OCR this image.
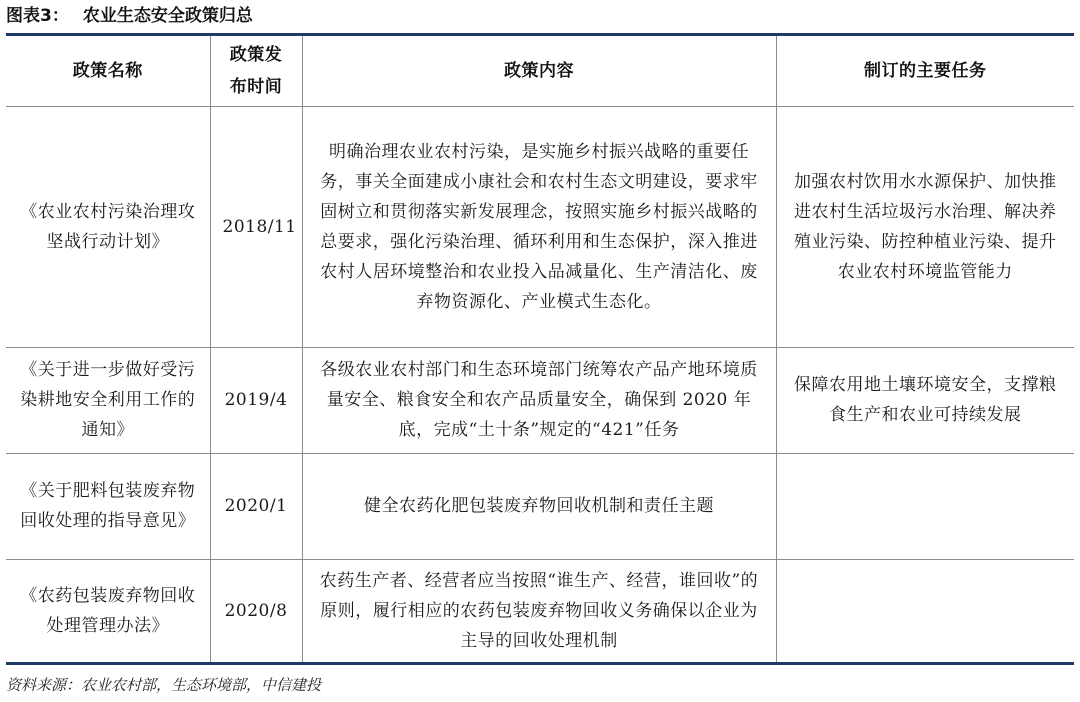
图表3： 农业生态安全政策归总
政策名称	政策发布时间	政策内容	制订的主要任务
《农业农村污染治理攻坚战行动计划》	2018/11	明确治理农业农村污染，是实施乡村振兴战略的重要任务，事关全面建成小康社会和农村生态文明建设，要求牢固树立和贯彻落实新发展理念，按照实施乡村振兴战略的总要求，强化污染治理、循环利用和生态保护，深入推进农村人居环境整治和农业投入品减量化、生产清洁化、废弃物资源化、产业模式生态化。	加强农村饮用水水源保护、加快推进农村生活垃圾污水治理、解决养殖业污染、防控种植业污染、提升农业农村环境监管能力
《关于进一步做好受污染耕地安全利用工作的通知》	2019/4	各级农业农村部门和生态环境部门统筹农产品产地环境质量安全、粮食安全和农产品质量安全，确保到 2020 年底，完成“土十条”规定的“421”任务	保障农用地土壤环境安全，支撑粮食生产和农业可持续发展
《关于肥料包装废弃物回收处理的指导意见》	2020/1	健全农药化肥包装废弃物回收机制和责任主题	
《农药包装废弃物回收处理管理办法》	2020/8	农药生产者、经营者应当按照“谁生产、经营，谁回收”的原则，履行相应的农药包装废弃物回收义务确保以企业为主导的回收处理机制	
资料来源：农业农村部，生态环境部，中信建投
